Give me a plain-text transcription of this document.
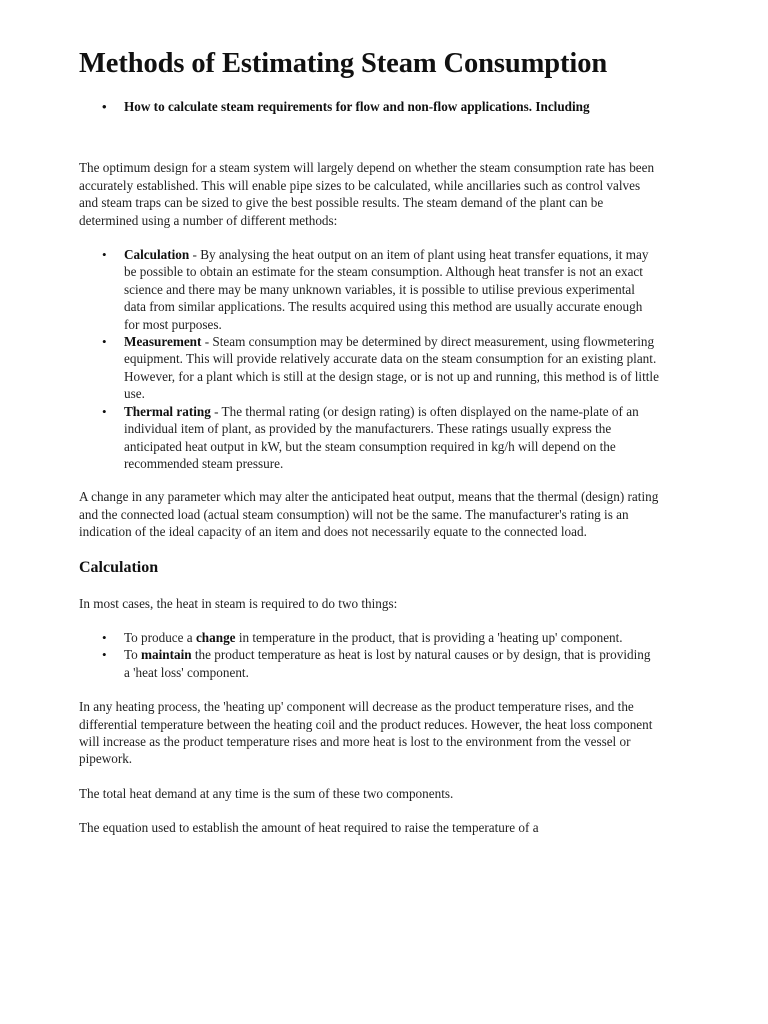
Methods of Estimating Steam Consumption
• How to calculate steam requirements for flow and non-flow applications. Including

The optimum design for a steam system will largely depend on whether the steam consumption rate has been accurately established. This will enable pipe sizes to be calculated, while ancillaries such as control valves and steam traps can be sized to give the best possible results. The steam demand of the plant can be determined using a number of different methods:

• Calculation - By analysing the heat output on an item of plant using heat transfer equations, it may be possible to obtain an estimate for the steam consumption. Although heat transfer is not an exact science and there may be many unknown variables, it is possible to utilise previous experimental data from similar applications. The results acquired using this method are usually accurate enough for most purposes.
• Measurement - Steam consumption may be determined by direct measurement, using flowmetering equipment. This will provide relatively accurate data on the steam consumption for an existing plant. However, for a plant which is still at the design stage, or is not up and running, this method is of little use.
• Thermal rating - The thermal rating (or design rating) is often displayed on the name-plate of an individual item of plant, as provided by the manufacturers. These ratings usually express the anticipated heat output in kW, but the steam consumption required in kg/h will depend on the recommended steam pressure.

A change in any parameter which may alter the anticipated heat output, means that the thermal (design) rating and the connected load (actual steam consumption) will not be the same. The manufacturer's rating is an indication of the ideal capacity of an item and does not necessarily equate to the connected load.

Calculation

In most cases, the heat in steam is required to do two things:

• To produce a change in temperature in the product, that is providing a 'heating up' component.
• To maintain the product temperature as heat is lost by natural causes or by design, that is providing a 'heat loss' component.

In any heating process, the 'heating up' component will decrease as the product temperature rises, and the differential temperature between the heating coil and the product reduces. However, the heat loss component will increase as the product temperature rises and more heat is lost to the environment from the vessel or pipework.

The total heat demand at any time is the sum of these two components.

The equation used to establish the amount of heat required to raise the temperature of a
